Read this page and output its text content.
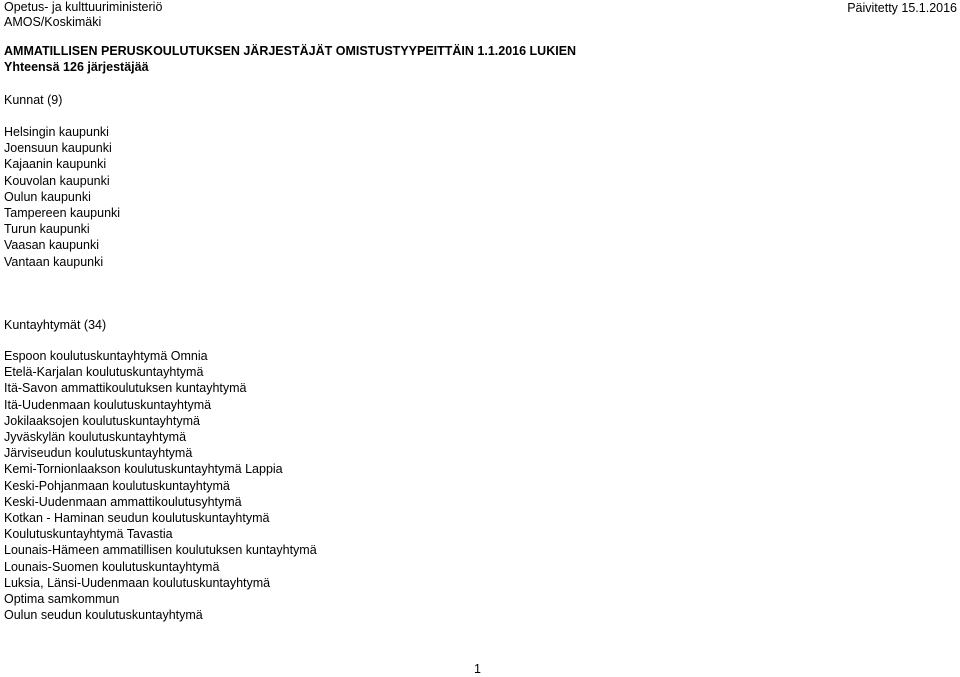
Opetus- ja kulttuuriministeriö
AMOS/Koskimäki
Päivitetty 15.1.2016
AMMATILLISEN PERUSKOULUTUKSEN JÄRJESTÄJÄT OMISTUSTYYPEITTÄIN 1.1.2016 LUKIEN
Yhteensä 126 järjestäjää
Kunnat (9)
Helsingin kaupunki
Joensuun kaupunki
Kajaanin kaupunki
Kouvolan kaupunki
Oulun kaupunki
Tampereen kaupunki
Turun kaupunki
Vaasan kaupunki
Vantaan kaupunki
Kuntayhtymät (34)
Espoon koulutuskuntayhtymä Omnia
Etelä-Karjalan koulutuskuntayhtymä
Itä-Savon ammattikoulutuksen kuntayhtymä
Itä-Uudenmaan koulutuskuntayhtymä
Jokilaaksojen koulutuskuntayhtymä
Jyväskylän koulutuskuntayhtymä
Järviseudun koulutuskuntayhtymä
Kemi-Tornionlaakson koulutuskuntayhtymä Lappia
Keski-Pohjanmaan koulutuskuntayhtymä
Keski-Uudenmaan ammattikoulutusyhtymä
Kotkan - Haminan seudun koulutuskuntayhtymä
Koulutuskuntayhtymä Tavastia
Lounais-Hämeen ammatillisen koulutuksen kuntayhtymä
Lounais-Suomen koulutuskuntayhtymä
Luksia, Länsi-Uudenmaan koulutuskuntayhtymä
Optima samkommun
Oulun seudun koulutuskuntayhtymä
1
